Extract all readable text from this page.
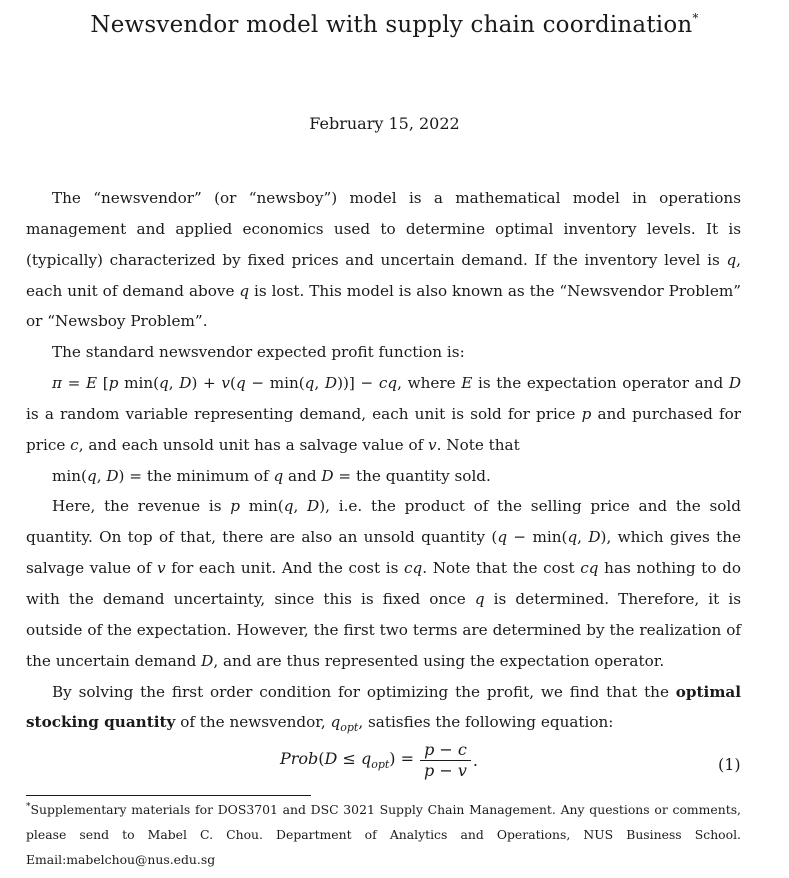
Newsvendor model with supply chain coordination*
February 15, 2022

The “newsvendor” (or “newsboy”) model is a mathematical model in operations management and applied economics used to determine optimal inventory levels. It is (typically) characterized by fixed prices and uncertain demand. If the inventory level is q, each unit of demand above q is lost. This model is also known as the “Newsvendor Problem” or “Newsboy Problem”.

The standard newsvendor expected profit function is:

π = E [p min(q, D) + v(q − min(q, D))] − cq, where E is the expectation operator and D is a random variable representing demand, each unit is sold for price p and purchased for price c, and each unsold unit has a salvage value of v. Note that

min(q, D) = the minimum of q and D = the quantity sold.

Here, the revenue is p min(q, D), i.e. the product of the selling price and the sold quantity. On top of that, there are also an unsold quantity (q − min(q, D), which gives the salvage value of v for each unit. And the cost is cq. Note that the cost cq has nothing to do with the demand uncertainty, since this is fixed once q is determined. Therefore, it is outside of the expectation. However, the first two terms are determined by the realization of the uncertain demand D, and are thus represented using the expectation operator.

By solving the first order condition for optimizing the profit, we find that the optimal stocking quantity of the newsvendor, $q_{opt}$, satisfies the following equation:

Prob(D ≤ $q_{opt}) = \frac{p - c}{p - v}$ .	(1)
*Supplementary materials for DOS3701 and DSC 3021 Supply Chain Management. Any questions or comments, please send to Mabel C. Chou. Department of Analytics and Operations, NUS Business School. Email:mabelchou@nus.edu.sg
